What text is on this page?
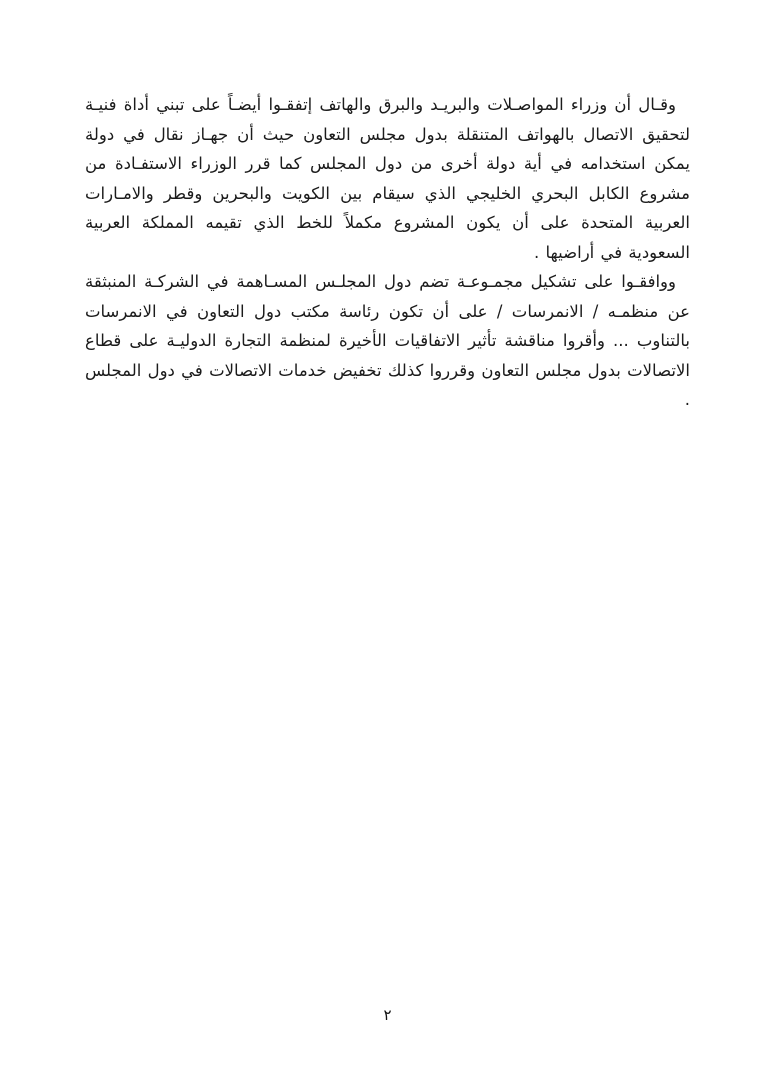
وقـال أن وزراء المواصـلات والبريـد والبرق والهاتف إتفقـوا أيضـاً على تبني أداة فنيـة لتحقيق الاتصال بالهواتف المتنقلة بدول مجلس التعاون حيث أن جهـاز نقال في دولة يمكن استخدامه في أية دولة أخرى من دول المجلس كما قرر الوزراء الاستفـادة من مشروع الكابل البحري الخليجي الذي سيقام بين الكويت والبحرين وقطر والامـارات العربية المتحدة على أن يكون المشروع مكملاً للخط الذي تقيمه المملكة العربية السعودية في أراضيها .

ووافقـوا على تشكيل مجمـوعـة تضم دول المجلـس المسـاهمة في الشركـة المنبثقة عن منظمـه / الانمرسات / على أن تكون رئاسة مكتب دول التعاون في الانمرسات بالتناوب ... وأقروا مناقشة تأثير الاتفاقيات الأخيرة لمنظمة التجارة الدوليـة على قطاع الاتصالات بدول مجلس التعاون وقرروا كذلك تخفيض خدمات الاتصالات في دول المجلس .

٢
